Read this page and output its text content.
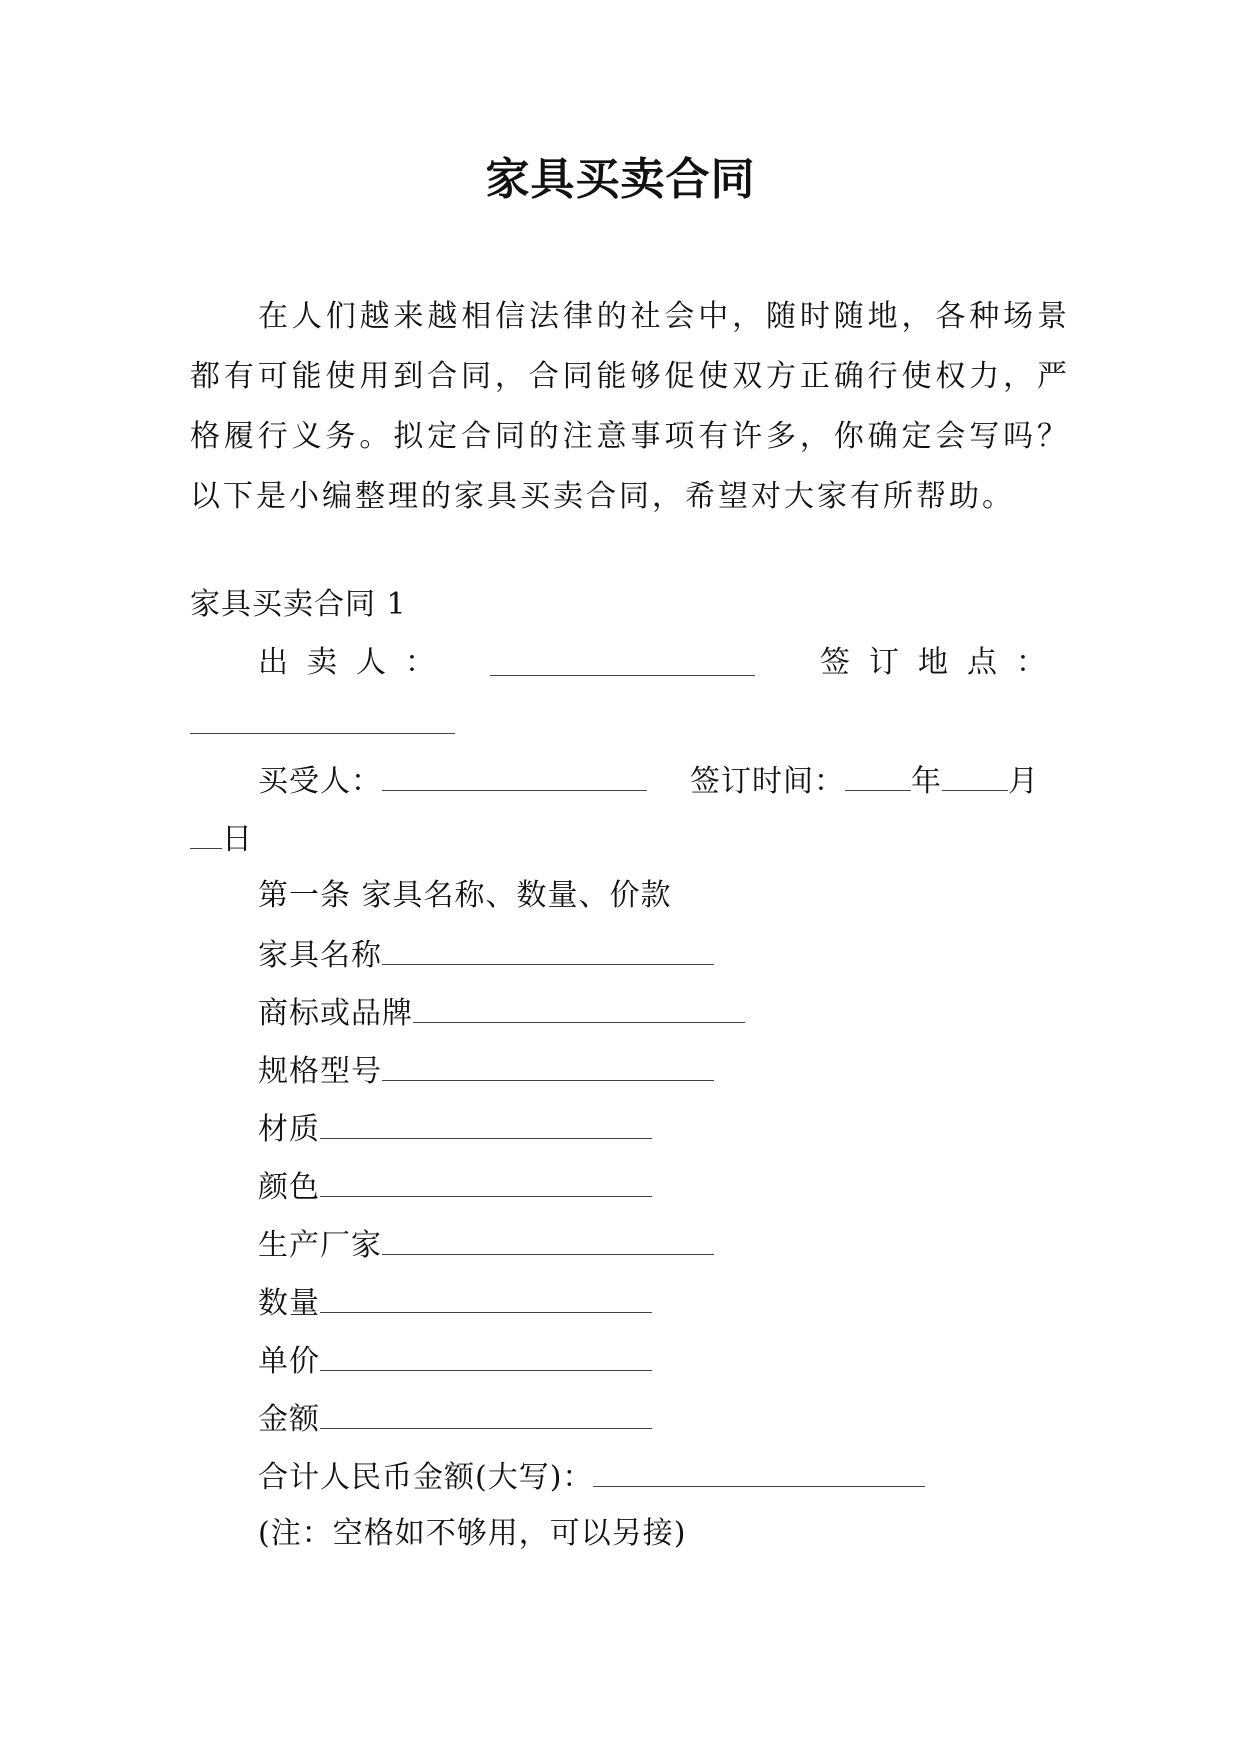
家具买卖合同

在人们越来越相信法律的社会中，随时随地，各种场景都有可能使用到合同，合同能够促使双方正确行使权力，严格履行义务。拟定合同的注意事项有许多，你确定会写吗？以下是小编整理的家具买卖合同，希望对大家有所帮助。

家具买卖合同 1
出卖人：	签订地点：
买受人：	签订时间： 年 月
日
第一条 家具名称、数量、价款
家具名称
商标或品牌
规格型号
材质
颜色
生产厂家
数量
单价
金额
合计人民币金额(大写)：
(注：空格如不够用，可以另接)
